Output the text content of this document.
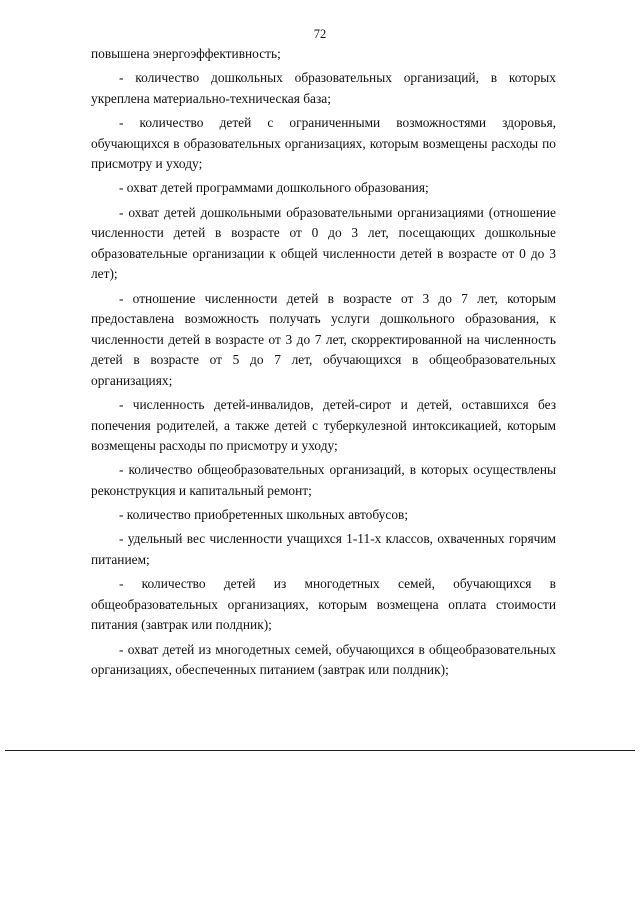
72

повышена энергоэффективность;

- количество дошкольных образовательных организаций, в которых укреплена материально-техническая база;

- количество детей с ограниченными возможностями здоровья, обучающихся в образовательных организациях, которым возмещены расходы по присмотру и уходу;

- охват детей программами дошкольного образования;

- охват детей дошкольными образовательными организациями (отношение численности детей в возрасте от 0 до 3 лет, посещающих дошкольные образовательные организации к общей численности детей в возрасте от 0 до 3 лет);

- отношение численности детей в возрасте от 3 до 7 лет, которым предоставлена возможность получать услуги дошкольного образования, к численности детей в возрасте от 3 до 7 лет, скорректированной на численность детей в возрасте от 5 до 7 лет, обучающихся в общеобразовательных организациях;

- численность детей-инвалидов, детей-сирот и детей, оставшихся без попечения родителей, а также детей с туберкулезной интоксикацией, которым возмещены расходы по присмотру и уходу;

- количество общеобразовательных организаций, в которых осуществлены реконструкция и капитальный ремонт;

- количество приобретенных школьных автобусов;

- удельный вес численности учащихся 1-11-х классов, охваченных горячим питанием;

- количество детей из многодетных семей, обучающихся в общеобразовательных организациях, которым возмещена оплата стоимости питания (завтрак или полдник);

- охват детей из многодетных семей, обучающихся в общеобразовательных организациях, обеспеченных питанием (завтрак или полдник);
